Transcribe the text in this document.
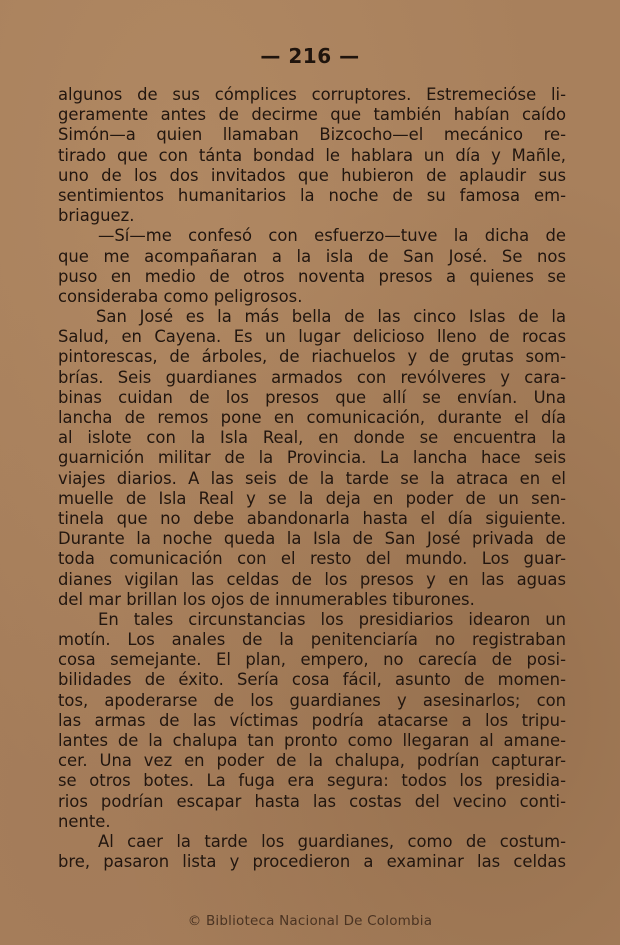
— 216 —
algunos de sus cómplices corruptores. Estremecióse li-
geramente antes de decirme que también habían caído
Simón—a quien llamaban Bizcocho—el mecánico re-
tirado que con tánta bondad le hablara un día y Mañle,
uno de los dos invitados que hubieron de aplaudir sus
sentimientos humanitarios la noche de su famosa em-
briaguez.
—Sí—me confesó con esfuerzo—tuve la dicha de
que me acompañaran a la isla de San José. Se nos
puso en medio de otros noventa presos a quienes se
consideraba como peligrosos.
San José es la más bella de las cinco Islas de la
Salud, en Cayena. Es un lugar delicioso lleno de rocas
pintorescas, de árboles, de riachuelos y de grutas som-
brías. Seis guardianes armados con revólveres y cara-
binas cuidan de los presos que allí se envían. Una
lancha de remos pone en comunicación, durante el día
al islote con la Isla Real, en donde se encuentra la
guarnición militar de la Provincia. La lancha hace seis
viajes diarios. A las seis de la tarde se la atraca en el
muelle de Isla Real y se la deja en poder de un sen-
tinela que no debe abandonarla hasta el día siguiente.
Durante la noche queda la Isla de San José privada de
toda comunicación con el resto del mundo. Los guar-
dianes vigilan las celdas de los presos y en las aguas
del mar brillan los ojos de innumerables tiburones.
En tales circunstancias los presidiarios idearon un
motín. Los anales de la penitenciaría no registraban
cosa semejante. El plan, empero, no carecía de posi-
bilidades de éxito. Sería cosa fácil, asunto de momen-
tos, apoderarse de los guardianes y asesinarlos; con
las armas de las víctimas podría atacarse a los tripu-
lantes de la chalupa tan pronto como llegaran al amane-
cer. Una vez en poder de la chalupa, podrían capturar-
se otros botes. La fuga era segura: todos los presidia-
rios podrían escapar hasta las costas del vecino conti-
nente.
Al caer la tarde los guardianes, como de costum-
bre, pasaron lista y procedieron a examinar las celdas
© Biblioteca Nacional De Colombia
